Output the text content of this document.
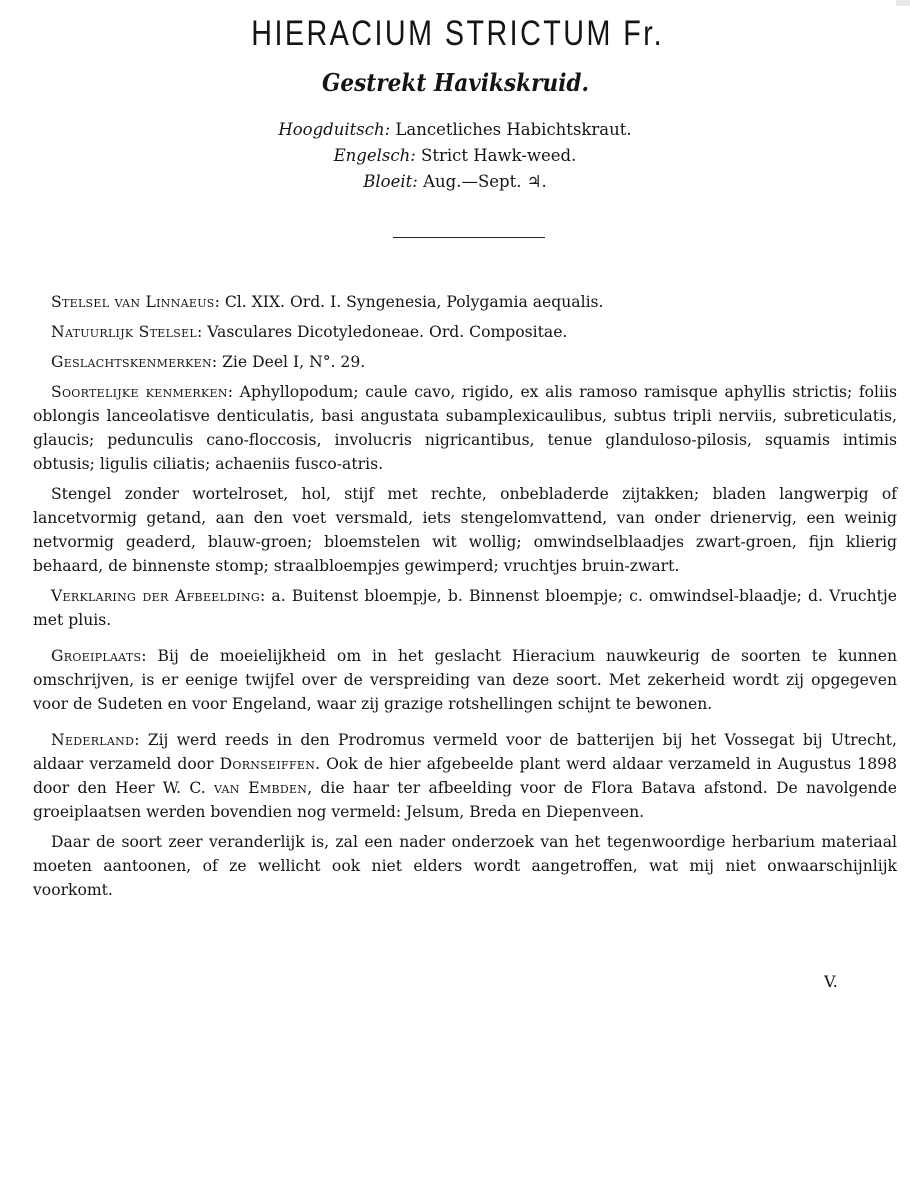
HIERACIUM STRICTUM Fr.
Gestrekt Havikskruid.
Hoogduitsch: Lancetliches Habichtskraut.
Engelsch: Strict Hawk-weed.
Bloeit: Aug.—Sept. ♃.

Stelsel van Linnaeus: Cl. XIX. Ord. I. Syngenesia, Polygamia aequalis.

Natuurlijk Stelsel: Vasculares Dicotyledoneae. Ord. Compositae.

Geslachtskenmerken: Zie Deel I, N°. 29.

Soortelijke kenmerken: Aphyllopodum; caule cavo, rigido, ex alis ramoso ramisque aphyllis strictis; foliis oblongis lanceolatisve denticulatis, basi angustata subamplexicaulibus, subtus tripli nerviis, subreticulatis, glaucis; pedunculis cano-floccosis, involucris nigricantibus, tenue glanduloso-pilosis, squamis intimis obtusis; ligulis ciliatis; achaeniis fusco-atris.

Stengel zonder wortelroset, hol, stijf met rechte, onbebladerde zijtakken; bladen langwerpig of lancetvormig getand, aan den voet versmald, iets stengelomvattend, van onder drienervig, een weinig netvormig geaderd, blauw-groen; bloemstelen wit wollig; omwindselblaadjes zwart-groen, fijn klierig behaard, de binnenste stomp; straalbloempjes gewimperd; vruchtjes bruin-zwart.

Verklaring der Afbeelding: a. Buitenst bloempje, b. Binnenst bloempje; c. omwindsel-blaadje; d. Vruchtje met pluis.

Groeiplaats: Bij de moeielijkheid om in het geslacht Hieracium nauwkeurig de soorten te kunnen omschrijven, is er eenige twijfel over de verspreiding van deze soort. Met zekerheid wordt zij opgegeven voor de Sudeten en voor Engeland, waar zij grazige rotshellingen schijnt te bewonen.

Nederland: Zij werd reeds in den Prodromus vermeld voor de batterijen bij het Vossegat bij Utrecht, aldaar verzameld door Dornseiffen. Ook de hier afgebeelde plant werd aldaar verzameld in Augustus 1898 door den Heer W. C. van Embden, die haar ter afbeelding voor de Flora Batava afstond. De navolgende groeiplaatsen werden bovendien nog vermeld: Jelsum, Breda en Diepenveen.

Daar de soort zeer veranderlijk is, zal een nader onderzoek van het tegenwoordige herbarium materiaal moeten aantoonen, of ze wellicht ook niet elders wordt aangetroffen, wat mij niet onwaarschijnlijk voorkomt.

V.
